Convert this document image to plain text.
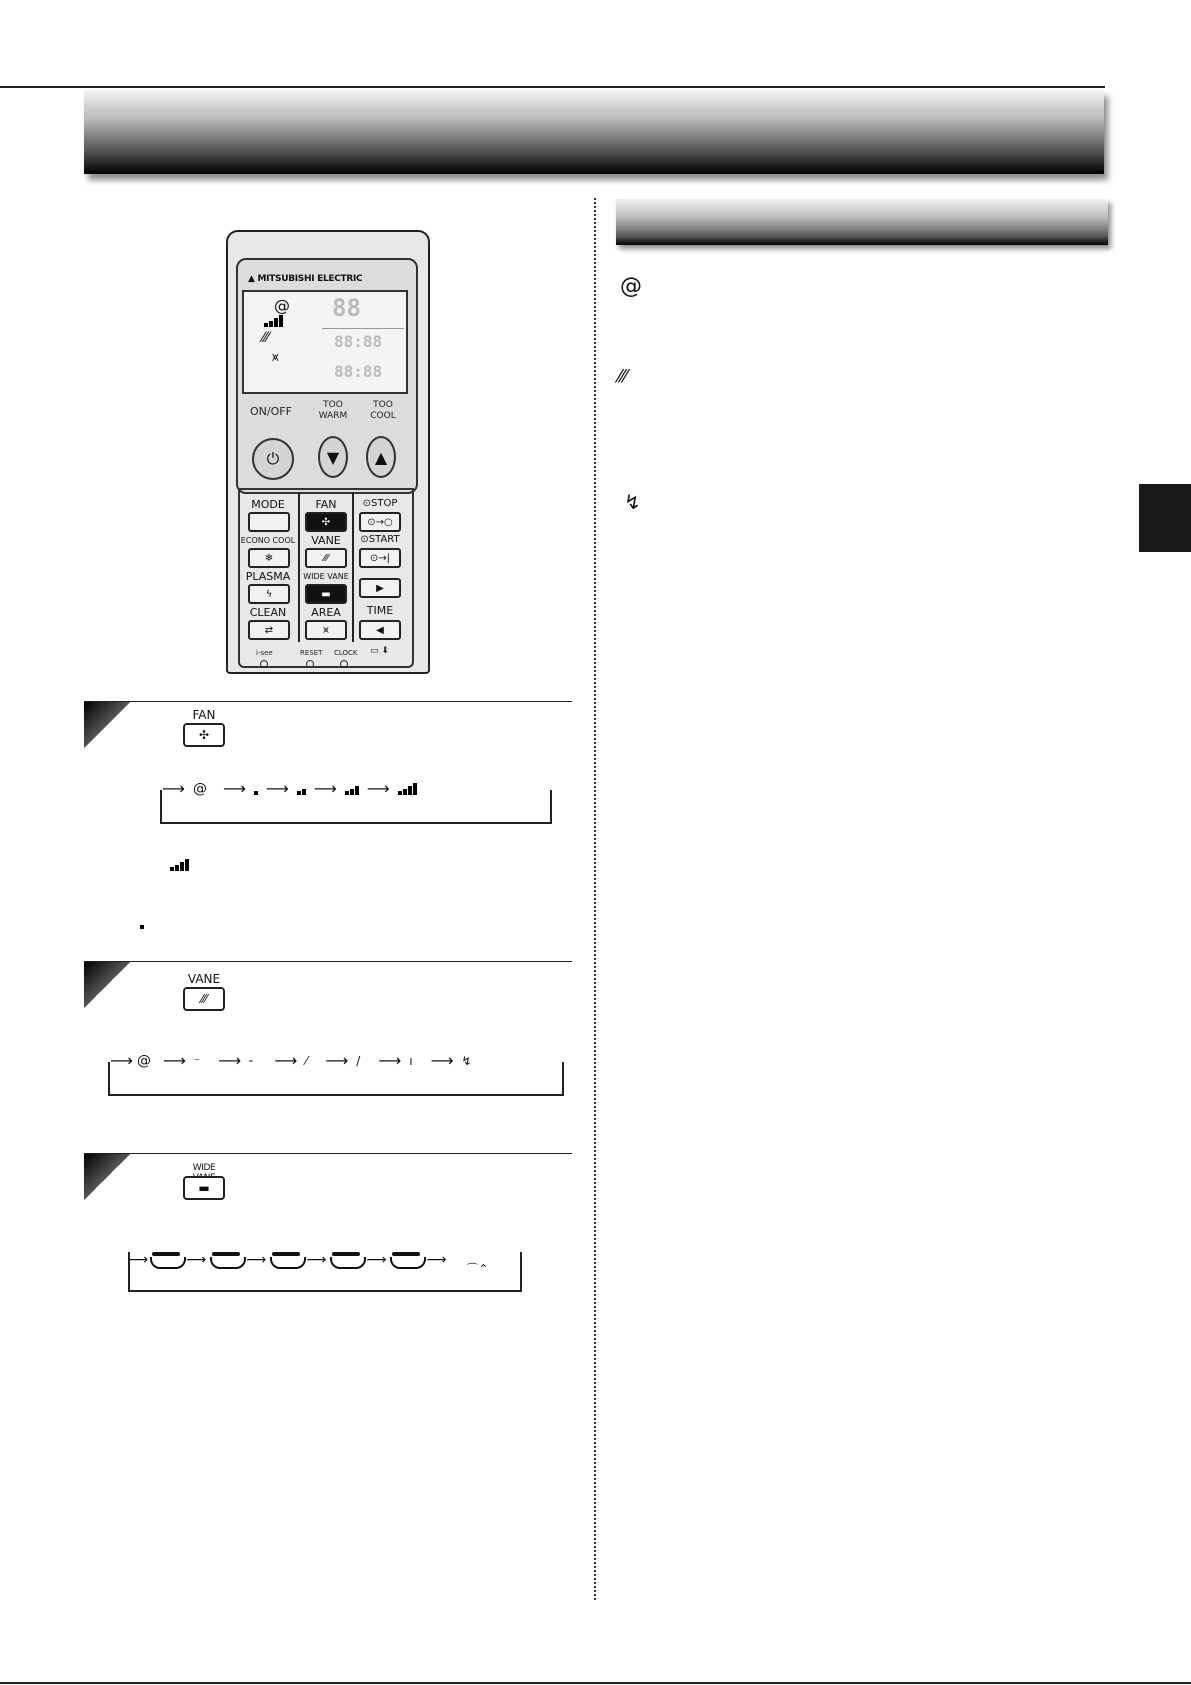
▲ MITSUBISHI ELECTRIC
@
⁄⁄⁄
⩙
88
88:88
88:88
ON/OFF	TOO WARM
TOO COOL
⏻	▼	▲
MODE	FAN
✣
⊙STOP
⊙→○
ECONO COOL
❄
VANE
⁄⁄⁄
⊙START
⊙→|
PLASMA
ϟ
WIDE VANE
▬
▶
CLEAN
⇄
AREA
⩙
TIME
◀
i-see	RESET CLOCK ▭ ⬇
FAN
✣
⟶ @ ⟶ ⟶ ⟶ ⟶
VANE
⁄⁄⁄
⟶ @ ⟶ ⁻ ⟶ ╴ ⟶ ⁄ ⟶ / ⟶ ı ⟶ ↯
WIDE
▬
⟶	⟶	⟶	⟶	⟶	⟶
⌒⌃
@
⁄⁄⁄
↯
